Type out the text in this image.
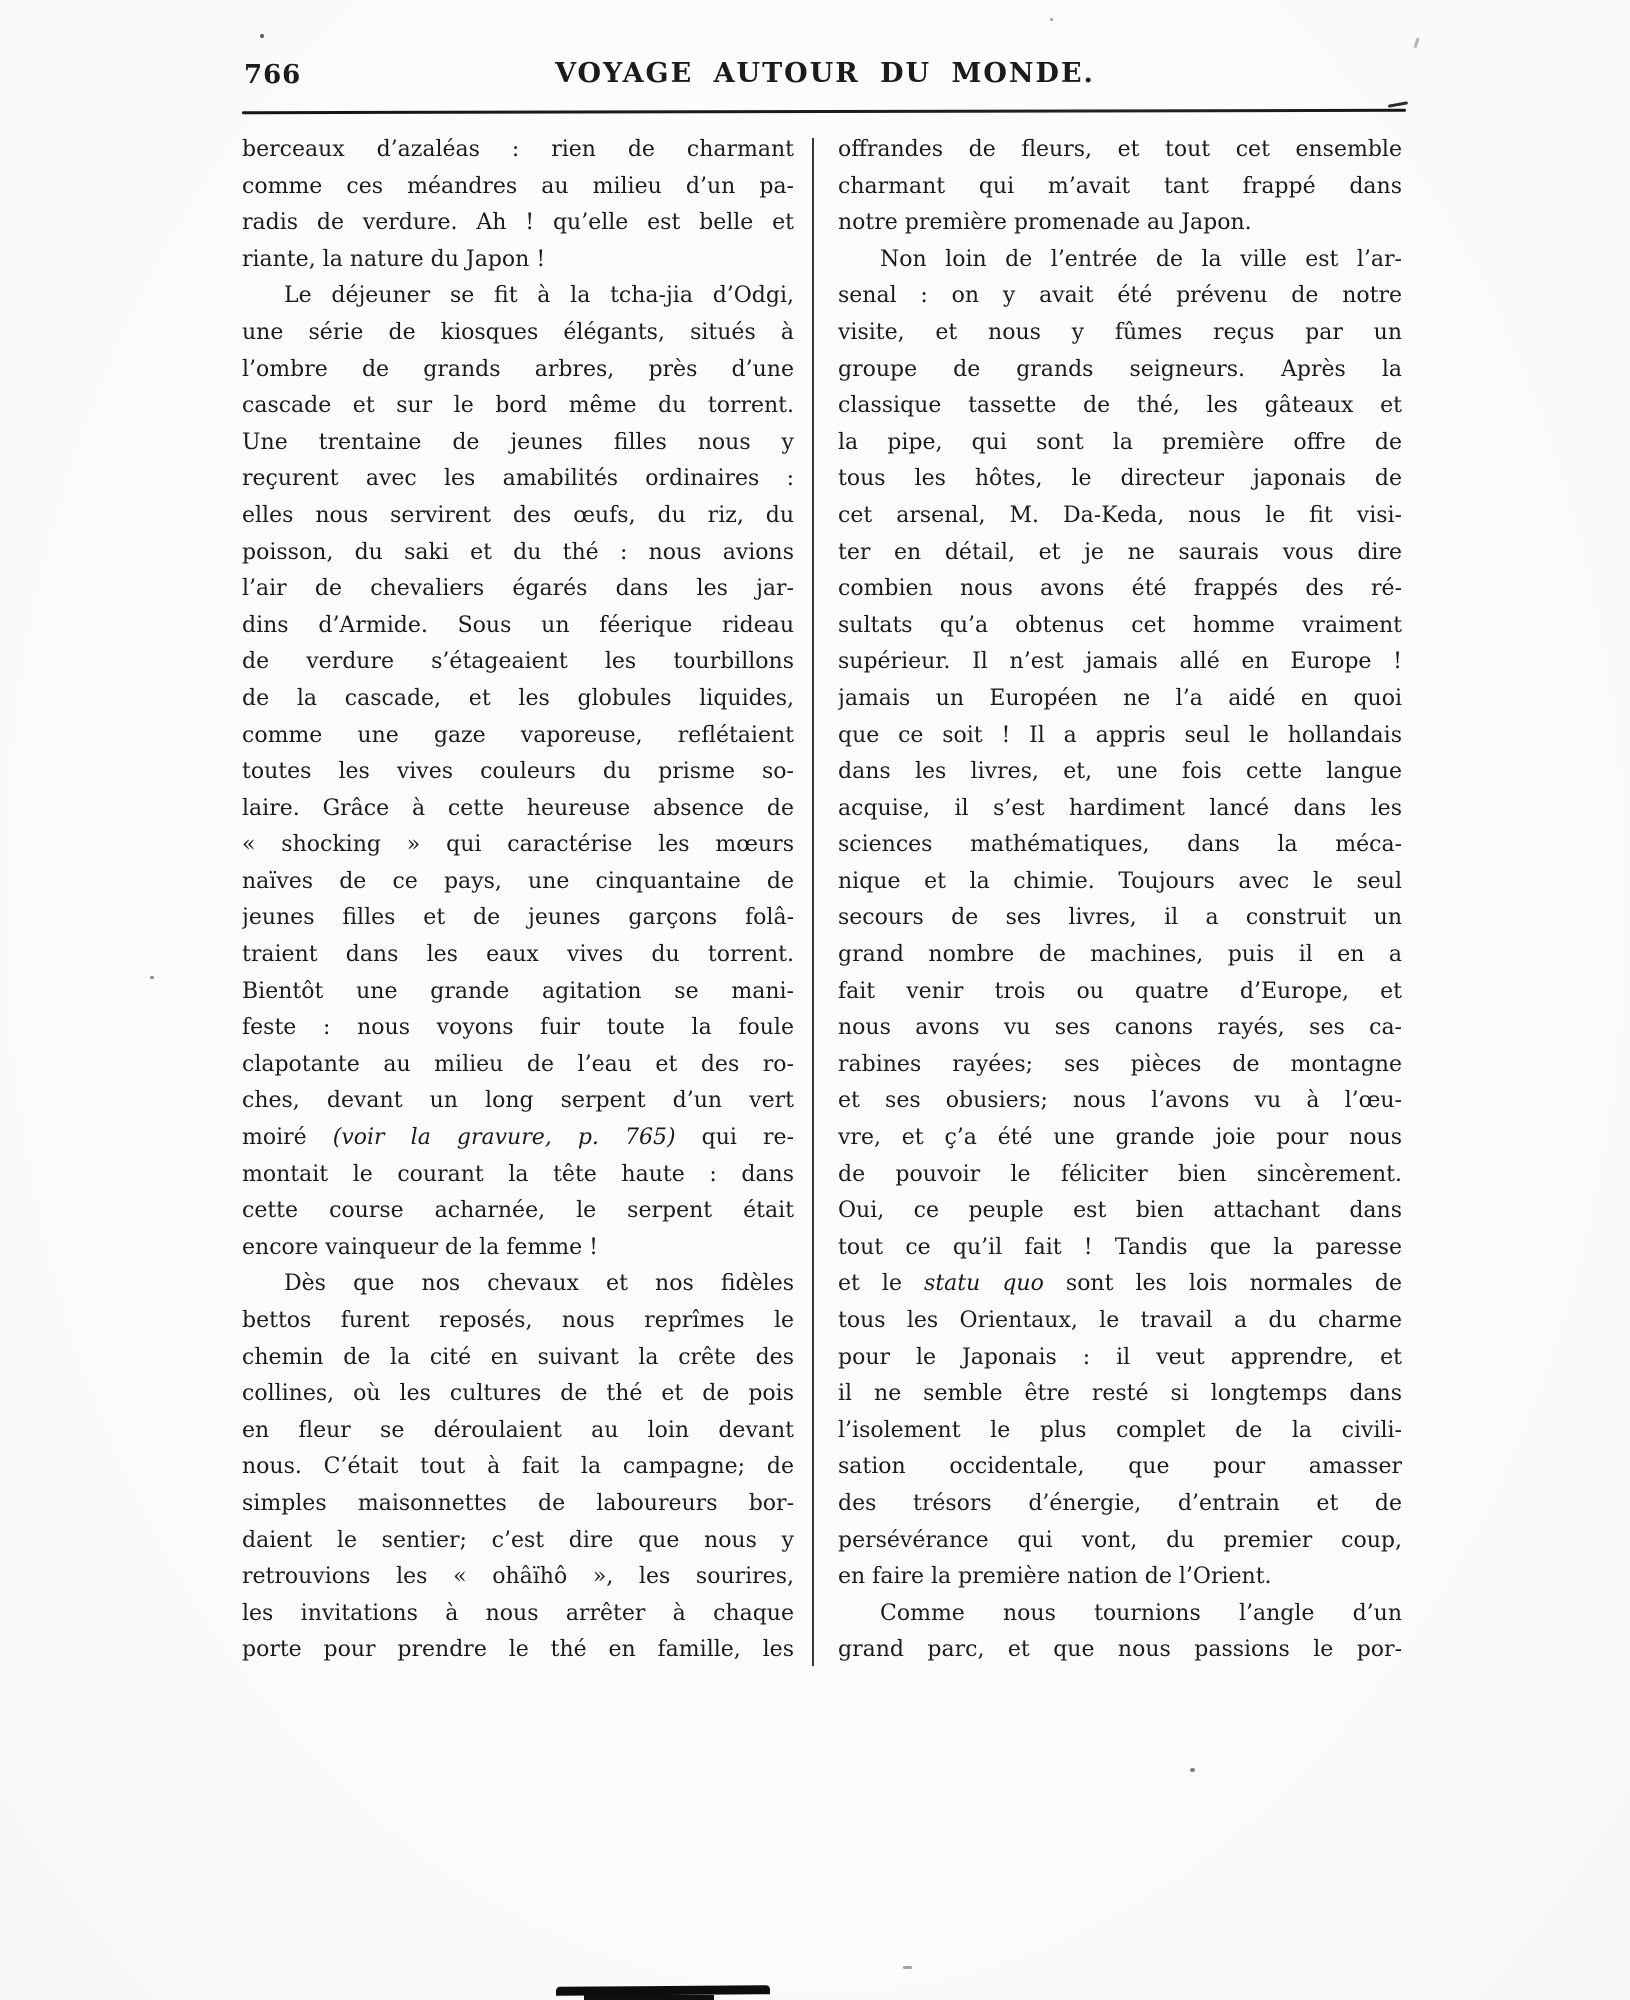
766	VOYAGE AUTOUR DU MONDE.
berceaux d’azaléas : rien de charmant
comme ces méandres au milieu d’un pa-
radis de verdure. Ah ! qu’elle est belle et
riante, la nature du Japon !
Le déjeuner se fit à la tcha-jia d’Odgi,
une série de kiosques élégants, situés à
l’ombre de grands arbres, près d’une
cascade et sur le bord même du torrent.
Une trentaine de jeunes filles nous y
reçurent avec les amabilités ordinaires :
elles nous servirent des œufs, du riz, du
poisson, du saki et du thé : nous avions
l’air de chevaliers égarés dans les jar-
dins d’Armide. Sous un féerique rideau
de verdure s’étageaient les tourbillons
de la cascade, et les globules liquides,
comme une gaze vaporeuse, reflétaient
toutes les vives couleurs du prisme so-
laire. Grâce à cette heureuse absence de
« shocking » qui caractérise les mœurs
naïves de ce pays, une cinquantaine de
jeunes filles et de jeunes garçons folâ-
traient dans les eaux vives du torrent.
Bientôt une grande agitation se mani-
feste : nous voyons fuir toute la foule
clapotante au milieu de l’eau et des ro-
ches, devant un long serpent d’un vert
moiré (voir la gravure, p. 765) qui re-
montait le courant la tête haute : dans
cette course acharnée, le serpent était
encore vainqueur de la femme !
Dès que nos chevaux et nos fidèles
bettos furent reposés, nous reprîmes le
chemin de la cité en suivant la crête des
collines, où les cultures de thé et de pois
en fleur se déroulaient au loin devant
nous. C’était tout à fait la campagne; de
simples maisonnettes de laboureurs bor-
daient le sentier; c’est dire que nous y
retrouvions les « ohâïhô », les sourires,
les invitations à nous arrêter à chaque
porte pour prendre le thé en famille, les
offrandes de fleurs, et tout cet ensemble
charmant qui m’avait tant frappé dans
notre première promenade au Japon.
Non loin de l’entrée de la ville est l’ar-
senal : on y avait été prévenu de notre
visite, et nous y fûmes reçus par un
groupe de grands seigneurs. Après la
classique tassette de thé, les gâteaux et
la pipe, qui sont la première offre de
tous les hôtes, le directeur japonais de
cet arsenal, M. Da-Keda, nous le fit visi-
ter en détail, et je ne saurais vous dire
combien nous avons été frappés des ré-
sultats qu’a obtenus cet homme vraiment
supérieur. Il n’est jamais allé en Europe !
jamais un Européen ne l’a aidé en quoi
que ce soit ! Il a appris seul le hollandais
dans les livres, et, une fois cette langue
acquise, il s’est hardiment lancé dans les
sciences mathématiques, dans la méca-
nique et la chimie. Toujours avec le seul
secours de ses livres, il a construit un
grand nombre de machines, puis il en a
fait venir trois ou quatre d’Europe, et
nous avons vu ses canons rayés, ses ca-
rabines rayées; ses pièces de montagne
et ses obusiers; nous l’avons vu à l’œu-
vre, et ç’a été une grande joie pour nous
de pouvoir le féliciter bien sincèrement.
Oui, ce peuple est bien attachant dans
tout ce qu’il fait ! Tandis que la paresse
et le statu quo sont les lois normales de
tous les Orientaux, le travail a du charme
pour le Japonais : il veut apprendre, et
il ne semble être resté si longtemps dans
l’isolement le plus complet de la civili-
sation occidentale, que pour amasser
des trésors d’énergie, d’entrain et de
persévérance qui vont, du premier coup,
en faire la première nation de l’Orient.
Comme nous tournions l’angle d’un
grand parc, et que nous passions le por-
